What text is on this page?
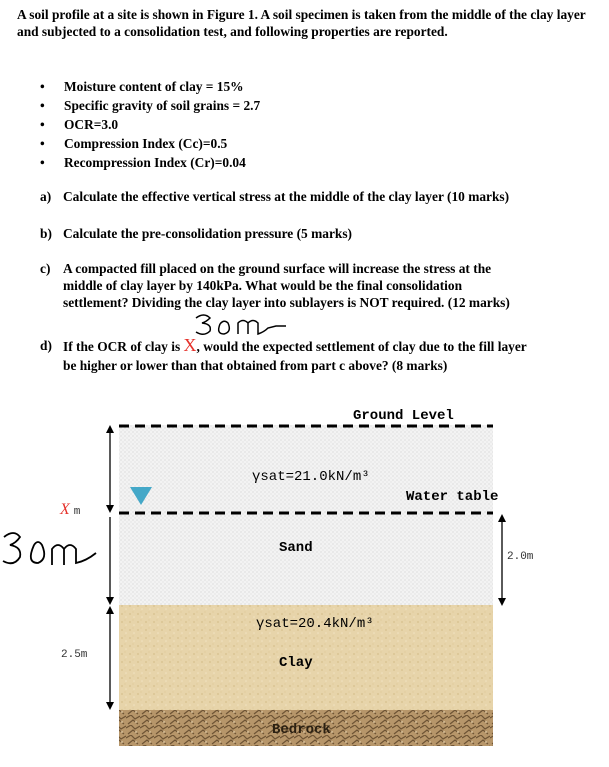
A soil profile at a site is shown in Figure 1. A soil specimen is taken from the middle of the clay layer and subjected to a consolidation test, and following properties are reported.
• Moisture content of clay = 15%
• Specific gravity of soil grains = 2.7
• OCR=3.0
• Compression Index (Cc)=0.5
• Recompression Index (Cr)=0.04
a) Calculate the effective vertical stress at the middle of the clay layer (10 marks)
b) Calculate the pre-consolidation pressure (5 marks)
c) A compacted fill placed on the ground surface will increase the stress at the
middle of clay layer by 140kPa. What would be the final consolidation
settlement? Dividing the clay layer into sublayers is NOT required. (12 marks)
d) If the OCR of clay is X, would the expected settlement of clay due to the fill layer
be higher or lower than that obtained from part c above? (8 marks)
Ground Level
γsat=21.0kN/m³
Water table
X m
Sand
2.0m
γsat=20.4kN/m³
2.5m	Clay
Bedrock
